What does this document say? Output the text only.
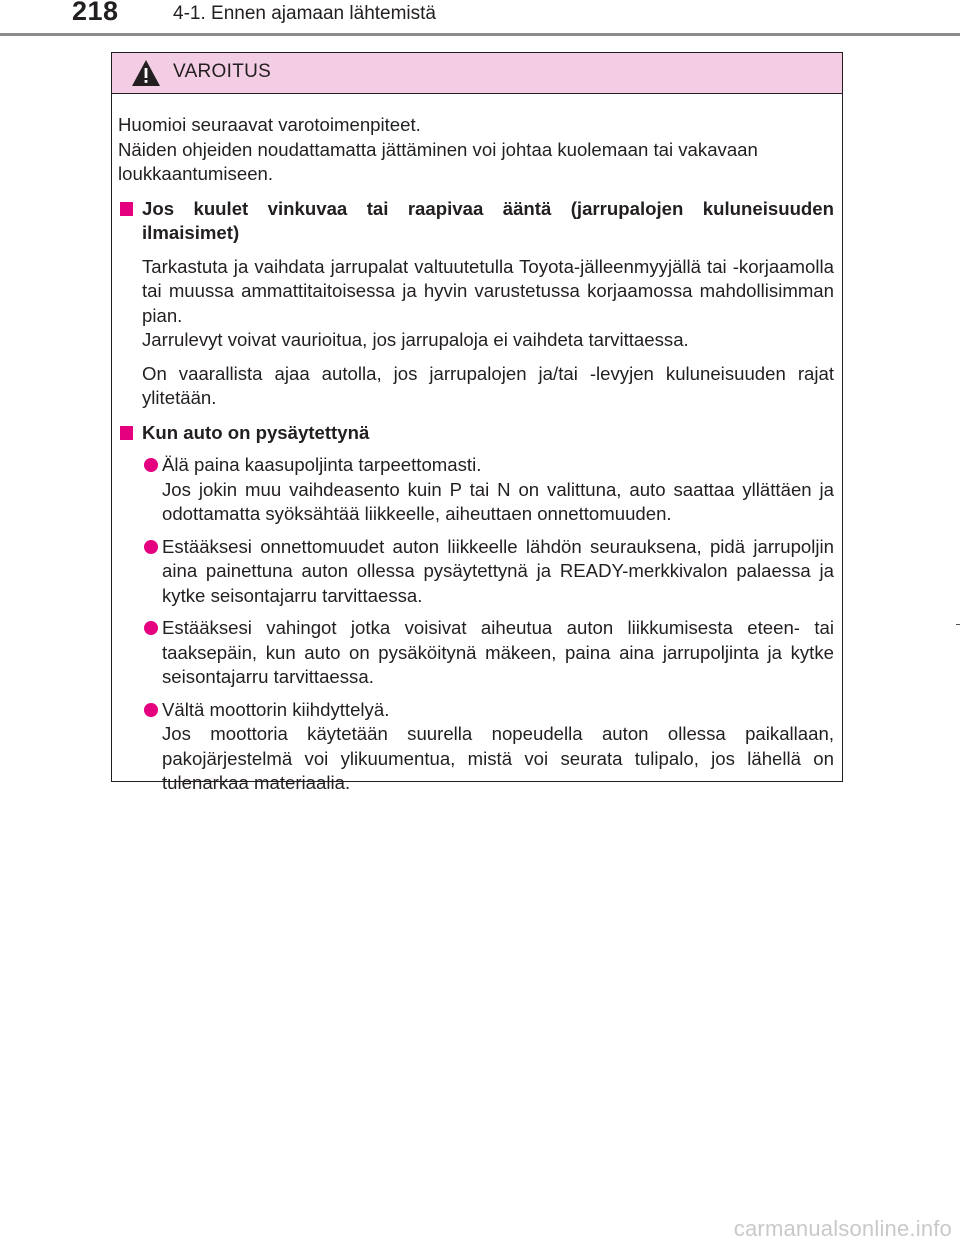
218	4-1. Ennen ajamaan lähtemistä
VAROITUS

Huomioi seuraavat varotoimenpiteet.

Näiden ohjeiden noudattamatta jättäminen voi johtaa kuolemaan tai vakavaan loukkaantumiseen.

Jos kuulet vinkuvaa tai raapivaa ääntä (jarrupalojen kuluneisuuden ilmaisimet)

Tarkastuta ja vaihdata jarrupalat valtuutetulla Toyota-jälleenmyyjällä tai -korjaamolla tai muussa ammattitaitoisessa ja hyvin varustetussa korjaamossa mahdollisimman pian.

Jarrulevyt voivat vaurioitua, jos jarrupaloja ei vaihdeta tarvittaessa.

On vaarallista ajaa autolla, jos jarrupalojen ja/tai -levyjen kuluneisuuden rajat ylitetään.

Kun auto on pysäytettynä

Älä paina kaasupoljinta tarpeettomasti.

Jos jokin muu vaihdeasento kuin P tai N on valittuna, auto saattaa yllättäen ja odottamatta syöksähtää liikkeelle, aiheuttaen onnettomuuden.

Estääksesi onnettomuudet auton liikkeelle lähdön seurauksena, pidä jarrupoljin aina painettuna auton ollessa pysäytettynä ja READY-merkkivalon palaessa ja kytke seisontajarru tarvittaessa.

Estääksesi vahingot jotka voisivat aiheutua auton liikkumisesta eteen- tai taaksepäin, kun auto on pysäköitynä mäkeen, paina aina jarrupoljinta ja kytke seisontajarru tarvittaessa.

Vältä moottorin kiihdyttelyä.

Jos moottoria käytetään suurella nopeudella auton ollessa paikallaan, pakojärjestelmä voi ylikuumentua, mistä voi seurata tulipalo, jos lähellä on tulenarkaa materiaalia.

carmanualsonline.info
